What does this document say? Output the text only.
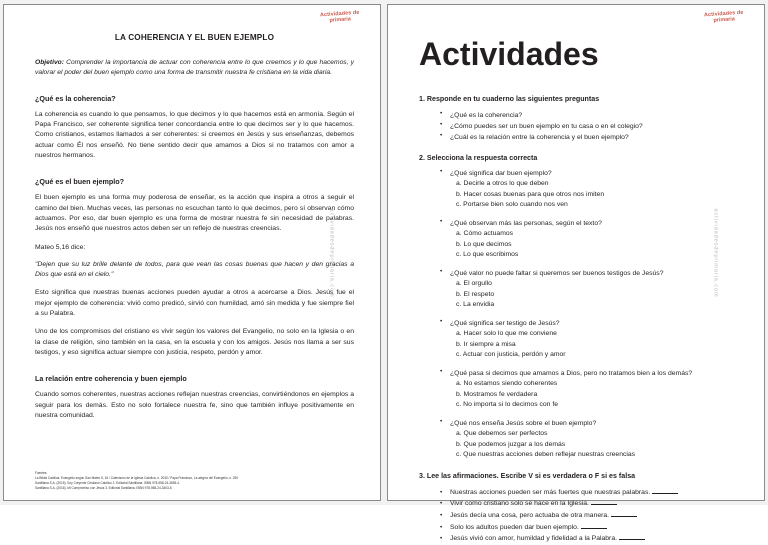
Actividades de
primaria
actividadesdeprimaria.com
LA COHERENCIA Y EL BUEN EJEMPLO

Objetivo: Comprender la importancia de actuar con coherencia entre lo que creemos y lo que hacemos, y valorar el poder del buen ejemplo como una forma de transmitir nuestra fe cristiana en la vida diaria.

¿Qué es la coherencia?

La coherencia es cuando lo que pensamos, lo que decimos y lo que hacemos está en armonía. Según el Papa Francisco, ser coherente significa tener concordancia entre lo que decimos ser y lo que hacemos. Como cristianos, estamos llamados a ser coherentes: si creemos en Jesús y sus enseñanzas, debemos actuar como Él nos enseñó. No tiene sentido decir que amamos a Dios si no tratamos con amor a nuestros hermanos.

¿Qué es el buen ejemplo?

El buen ejemplo es una forma muy poderosa de enseñar, es la acción que inspira a otros a seguir el camino del bien. Muchas veces, las personas no escuchan tanto lo que decimos, pero sí observan cómo actuamos. Por eso, dar buen ejemplo es una forma de mostrar nuestra fe sin necesidad de palabras. Jesús nos enseñó que nuestros actos deben ser un reflejo de nuestras creencias.

Mateo 5,16 dice:

"Dejen que su luz brille delante de todos, para que vean las cosas buenas que hacen y den gracias a Dios que está en el cielo."

Esto significa que nuestras buenas acciones pueden ayudar a otros a acercarse a Dios. Jesús fue el mejor ejemplo de coherencia: vivió como predicó, sirvió con humildad, amó sin medida y fue siempre fiel a su Palabra.

Uno de los compromisos del cristiano es vivir según los valores del Evangelio, no solo en la Iglesia o en la clase de religión, sino también en la casa, en la escuela y con los amigos. Jesús nos llama a ser sus testigos, y eso significa actuar siempre con justicia, respeto, perdón y amor.

La relación entre coherencia y buen ejemplo

Cuando somos coherentes, nuestras acciones reflejan nuestras creencias, convirtiéndonos en ejemplos a seguir para los demás. Esto no solo fortalece nuestra fe, sino que también influye positivamente en nuestra comunidad.

Fuentes:
La Biblia Católica: Evangelio según San Mateo 5, 16 / Catecismo de la Iglesia Católica, n. 2030 / Papa Francisco, La alegría del Evangelio, n. 259
Santillana S.A. (2015). Soy Creyente Cristiano Católico 2. Editorial Santillana. ISBN 978-958-24-3655-4.
Santillana S.A. (2016). Mi Compromiso con Jesús 3. Editorial Santillana. ISBN 978-958-24-3403-5.
Actividades de
primaria
actividadesdeprimaria.com
Actividades
1. Responde en tu cuaderno las siguientes preguntas
• ¿Qué es la coherencia?
• ¿Cómo puedes ser un buen ejemplo en tu casa o en el colegio?
• ¿Cuál es la relación entre la coherencia y el buen ejemplo?
2. Selecciona la respuesta correcta

• ¿Qué significa dar buen ejemplo?

a. Decirle a otros lo que deben

b. Hacer cosas buenas para que otros nos imiten

c. Portarse bien solo cuando nos ven

• ¿Qué observan más las personas, según el texto?

a. Cómo actuamos

b. Lo que decimos

c. Lo que escribimos

• ¿Qué valor no puede faltar si queremos ser buenos testigos de Jesús?

a. El orgullo

b. El respeto

c. La envidia

• ¿Qué significa ser testigo de Jesús?

a. Hacer solo lo que me conviene

b. Ir siempre a misa

c. Actuar con justicia, perdón y amor

• ¿Qué pasa si decimos que amamos a Dios, pero no tratamos bien a los demás?

a. No estamos siendo coherentes

b. Mostramos fe verdadera

c. No importa si lo decimos con fe

• ¿Qué nos enseña Jesús sobre el buen ejemplo?

a. Que debemos ser perfectos

b. Que podemos juzgar a los demás

c. Que nuestras acciones deben reflejar nuestras creencias

3. Lee las afirmaciones. Escribe V si es verdadera o F si es falsa
• Nuestras acciones pueden ser más fuertes que nuestras palabras.
• Vivir como cristiano solo se hace en la Iglesia.
• Jesús decía una cosa, pero actuaba de otra manera.
• Solo los adultos pueden dar buen ejemplo.
• Jesús vivió con amor, humildad y fidelidad a la Palabra.
